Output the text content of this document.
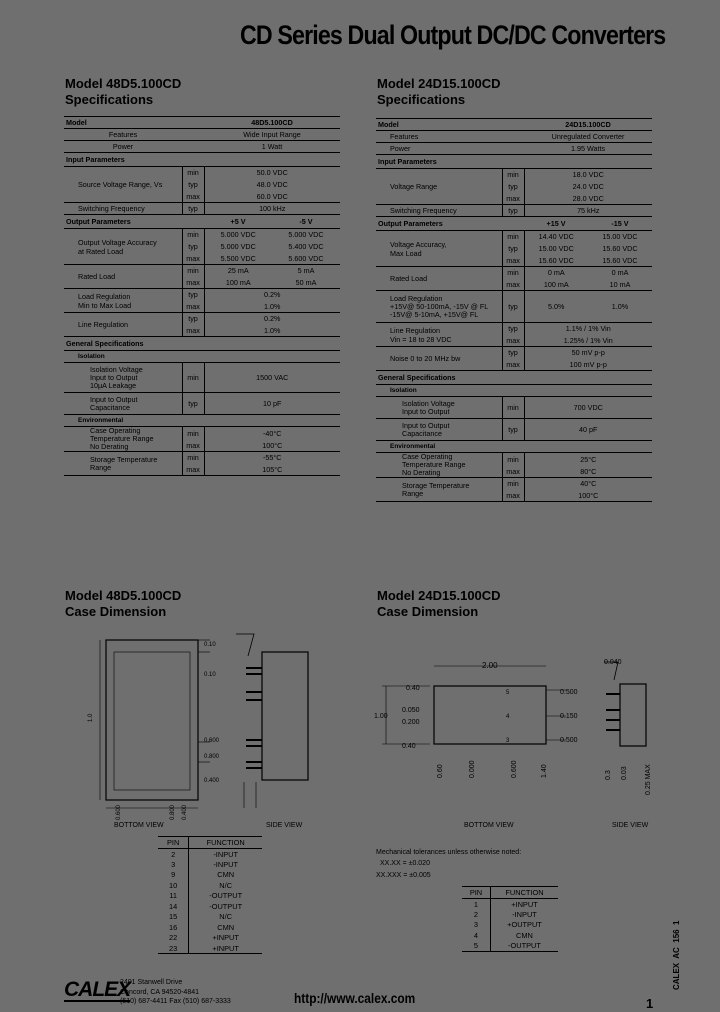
CD Series Dual Output DC/DC Converters
Model 48D5.100CD
Specifications
Model		48D5.100CD	
Features		Wide Input Range	
Power		1 Watt	
Input Parameters			
Source Voltage Range, Vs	min	50.0 VDC	
	typ	48.0 VDC	
	max	60.0 VDC	
Switching Frequency	typ	100 kHz	
Output Parameters		+5 V	-5 V
Output Voltage Accuracy
at Rated Load	min	5.000 VDC	5.000 VDC
	typ	5.000 VDC	5.400 VDC
	max	5.500 VDC	5.600 VDC
Rated Load	min	25 mA	5 mA
	max	100 mA	50 mA
Load Regulation
Min to Max Load	typ	0.2%	
	max	1.0%	
Line Regulation	typ	0.2%	
	max	1.0%	
General Specifications			
Isolation			
Isolation Voltage
Input to Output
10μA Leakage	min	1500 VAC	
Input to Output
Capacitance	typ	10 pF	
Environmental			
Case Operating
Temperature Range
No Derating	min	-40°C	
	max	100°C	
Storage Temperature
Range	min	-55°C	
	max	105°C	
Model 24D15.100CD
Specifications
Model		24D15.100CD	
Features		Unregulated Converter	
Power		1.95 Watts	
Input Parameters			
Voltage Range	min	18.0 VDC	
	typ	24.0 VDC	
	max	28.0 VDC	
Switching Frequency	typ	75 kHz	
Output Parameters		+15 V	-15 V
Voltage Accuracy,
Max Load	min	14.40 VDC	15.00 VDC
	typ	15.00 VDC	15.60 VDC
	max	15.60 VDC	15.60 VDC
Rated Load	min	0 mA	0 mA
	max	100 mA	10 mA
Load Regulation
+15V@ 50-100mA, -15V @ FL
-15V@ 5-10mA, +15V@ FL	typ	5.0%	1.0%
Line Regulation
Vin = 18 to 28 VDC	typ	1.1% / 1% Vin	
	max	1.25% / 1% Vin	
Noise 0 to 20 MHz bw	typ	50 mV p-p	
	max	100 mV p-p	
General Specifications			
Isolation			
Isolation Voltage
Input to Output	min	700 VDC	
Input to Output
Capacitance	typ	40 pF	
Environmental			
Case Operating
Temperature Range
No Derating	min	25°C	
	max	80°C	
Storage Temperature
Range	min	40°C	
	max	100°C	
Model 48D5.100CD
Case Dimension
0.10
0.10
0.600
0.800
0.400
1.0
0.600	0.800 0.400
BOTTOM VIEW	SIDE VIEW
PIN	FUNCTION
2	-INPUT
3	-INPUT
9	CMN
10	N/C
11	-OUTPUT
14	-OUTPUT
15	N/C
16	CMN
22	+INPUT
23	+INPUT
Model 24D15.100CD
Case Dimension
2.00
0.40
1.00
0.050
0.200
0.40
5
4
3
0.500
0.150
0.500
0.60	0.000	0.600	1.40
0.040
0.3 0.03 0.25 MAX
BOTTOM VIEW	SIDE VIEW
Mechanical tolerances unless otherwise noted:
XX.XX = ±0.020
XX.XXX = ±0.005
PIN	FUNCTION
1	+INPUT
2	-INPUT
3	+OUTPUT
4	CMN
5	-OUTPUT
CALEX
2401 Stanwell Drive
Concord, CA 94520-4841
(510) 687-4411 Fax (510) 687-3333	http://www.calex.com	1
CALEX  AC  156  1
